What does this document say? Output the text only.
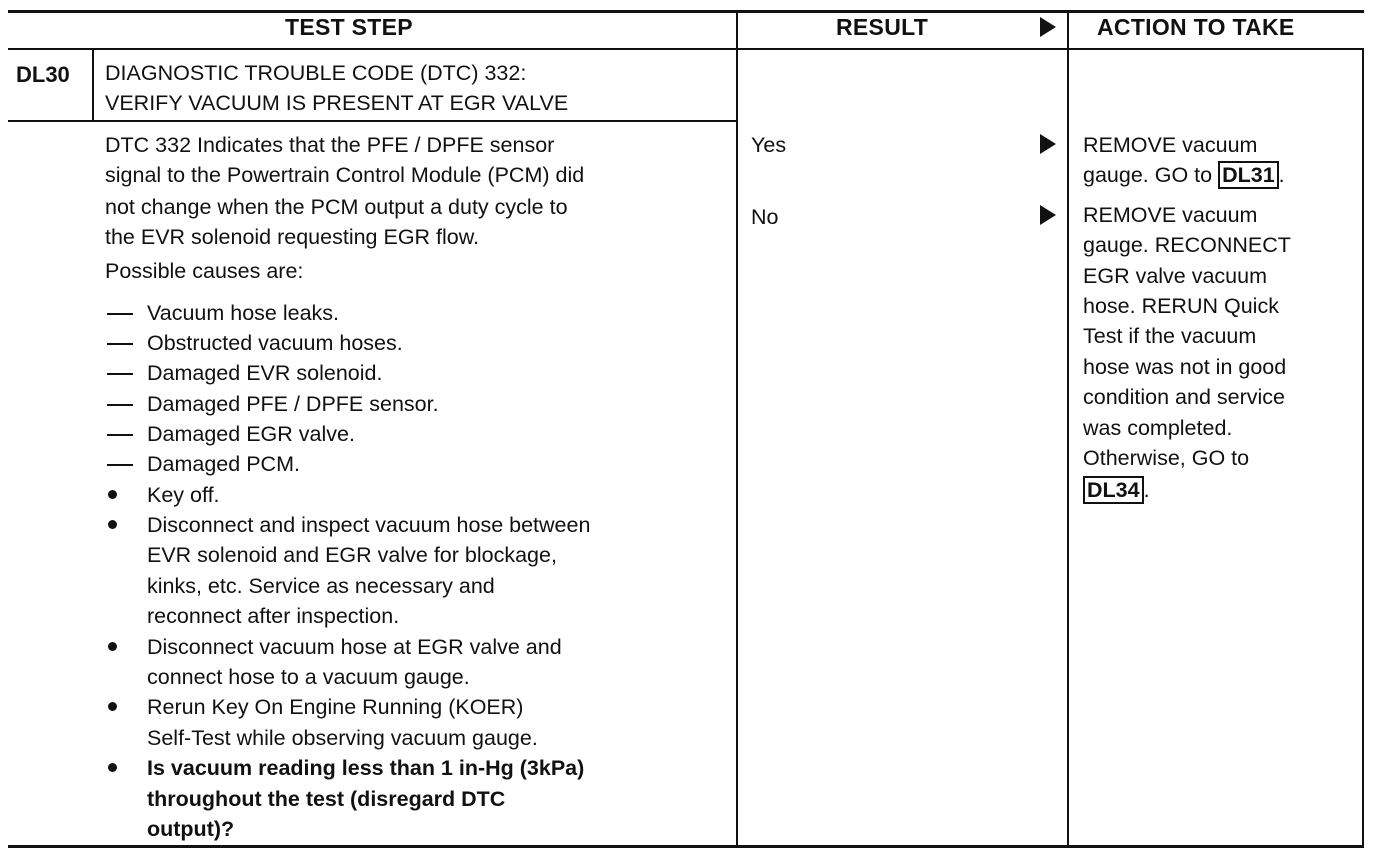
TEST STEP	RESULT	ACTION TO TAKE
DL30 DIAGNOSTIC TROUBLE CODE (DTC) 332:
VERIFY VACUUM IS PRESENT AT EGR VALVE
DTC 332 Indicates that the PFE / DPFE sensor
signal to the Powertrain Control Module (PCM) did
not change when the PCM output a duty cycle to
the EVR solenoid requesting EGR flow.
Possible causes are:
Vacuum hose leaks.
Obstructed vacuum hoses.
Damaged EVR solenoid.
Damaged PFE / DPFE sensor.
Damaged EGR valve.
Damaged PCM.
Key off.
Disconnect and inspect vacuum hose between
EVR solenoid and EGR valve for blockage,
kinks, etc. Service as necessary and
reconnect after inspection.
Disconnect vacuum hose at EGR valve and
connect hose to a vacuum gauge.
Rerun Key On Engine Running (KOER)
Self-Test while observing vacuum gauge.
Is vacuum reading less than 1 in-Hg (3kPa)
throughout the test (disregard DTC
output)?
Yes
No
REMOVE vacuum
gauge. GO to DL31 .
REMOVE vacuum
gauge. RECONNECT
EGR valve vacuum
hose. RERUN Quick
Test if the vacuum
hose was not in good
condition and service
was completed.
Otherwise, GO to
DL34 .
